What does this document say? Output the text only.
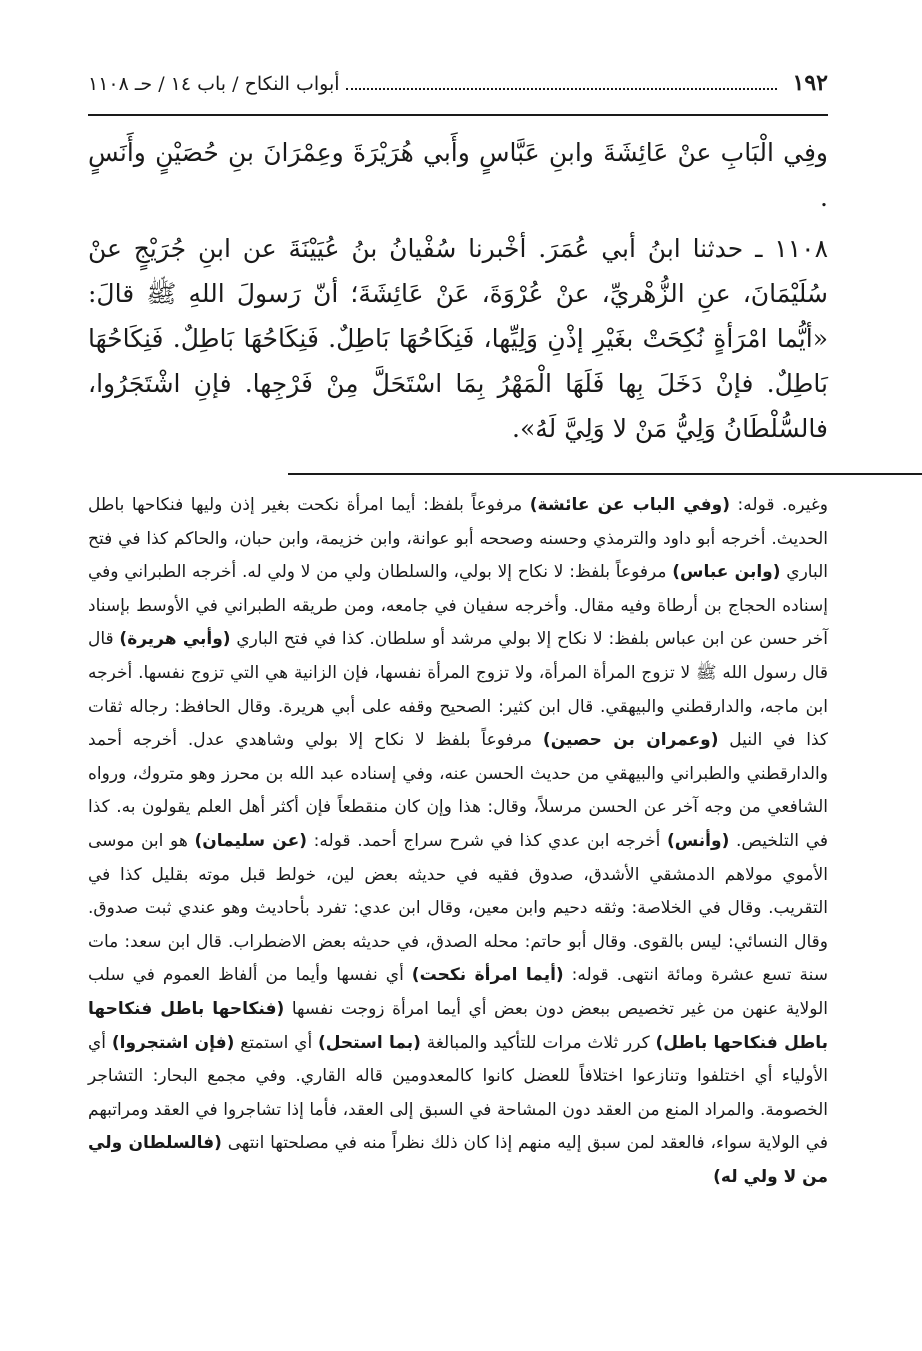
١٩٢
أبواب النكاح / باب ١٤ / حـ ١١٠٨

وفِي الْبَابِ عنْ عَائِشَةَ وابنِ عَبَّاسٍ وأَبي هُرَيْرَةَ وعِمْرَانَ بنِ حُصَيْنٍ وأَنَسٍ .

١١٠٨ ـ حدثنا ابنُ أبي عُمَرَ. أخْبرنا سُفْيانُ بنُ عُيَيْنَةَ عن ابنِ جُرَيْجٍ عنْ سُلَيْمَانَ، عنِ الزُّهْريِّ، عنْ عُرْوَةَ، عَنْ عَائِشَةَ؛ أنّ رَسولَ اللهِ ﷺ قالَ: «أيُّما امْرَأةٍ نُكِحَتْ بغَيْرِ إذْنِ وَلِيِّها، فَنِكَاحُهَا بَاطِلٌ. فَنِكَاحُهَا بَاطِلٌ. فَنِكَاحُهَا بَاطِلٌ. فإنْ دَخَلَ بِها فَلَهَا الْمَهْرُ بِمَا اسْتَحَلَّ مِنْ فَرْجِها. فإنِ اشْتَجَرُوا، فالسُّلْطَانُ وَلِيُّ مَنْ لا وَلِيَّ لَهُ».

وغيره. قوله: (وفي الباب عن عائشة) مرفوعاً بلفظ: أيما امرأة نكحت بغير إذن وليها فنكاحها باطل الحديث. أخرجه أبو داود والترمذي وحسنه وصححه أبو عوانة، وابن خزيمة، وابن حبان، والحاكم كذا في فتح الباري (وابن عباس) مرفوعاً بلفظ: لا نكاح إلا بولي، والسلطان ولي من لا ولي له. أخرجه الطبراني وفي إسناده الحجاج بن أرطاة وفيه مقال. وأخرجه سفيان في جامعه، ومن طريقه الطبراني في الأوسط بإسناد آخر حسن عن ابن عباس بلفظ: لا نكاح إلا بولي مرشد أو سلطان. كذا في فتح الباري (وأبي هريرة) قال قال رسول الله ﷺ لا تزوج المرأة المرأة، ولا تزوج المرأة نفسها، فإن الزانية هي التي تزوج نفسها. أخرجه ابن ماجه، والدارقطني والبيهقي. قال ابن كثير: الصحيح وقفه على أبي هريرة. وقال الحافظ: رجاله ثقات كذا في النيل (وعمران بن حصين) مرفوعاً بلفظ لا نكاح إلا بولي وشاهدي عدل. أخرجه أحمد والدارقطني والطبراني والبيهقي من حديث الحسن عنه، وفي إسناده عبد الله بن محرز وهو متروك، ورواه الشافعي من وجه آخر عن الحسن مرسلاً، وقال: هذا وإن كان منقطعاً فإن أكثر أهل العلم يقولون به. كذا في التلخيص. (وأنس) أخرجه ابن عدي كذا في شرح سراج أحمد. قوله: (عن سليمان) هو ابن موسى الأموي مولاهم الدمشقي الأشدق، صدوق فقيه في حديثه بعض لين، خولط قبل موته بقليل كذا في التقريب. وقال في الخلاصة: وثقه دحيم وابن معين، وقال ابن عدي: تفرد بأحاديث وهو عندي ثبت صدوق. وقال النسائي: ليس بالقوى. وقال أبو حاتم: محله الصدق، في حديثه بعض الاضطراب. قال ابن سعد: مات سنة تسع عشرة ومائة انتهى. قوله: (أيما امرأة نكحت) أي نفسها وأيما من ألفاظ العموم في سلب الولاية عنهن من غير تخصيص ببعض دون بعض أي أيما امرأة زوجت نفسها (فنكاحها باطل فنكاحها باطل فنكاحها باطل) كرر ثلاث مرات للتأكيد والمبالغة (بما استحل) أي استمتع (فإن اشتجروا) أي الأولياء أي اختلفوا وتنازعوا اختلافاً للعضل كانوا كالمعدومين قاله القاري. وفي مجمع البحار: التشاجر الخصومة. والمراد المنع من العقد دون المشاحة في السبق إلى العقد، فأما إذا تشاجروا في العقد ومراتبهم في الولاية سواء، فالعقد لمن سبق إليه منهم إذا كان ذلك نظراً منه في مصلحتها انتهى (فالسلطان ولي من لا ولي له)
